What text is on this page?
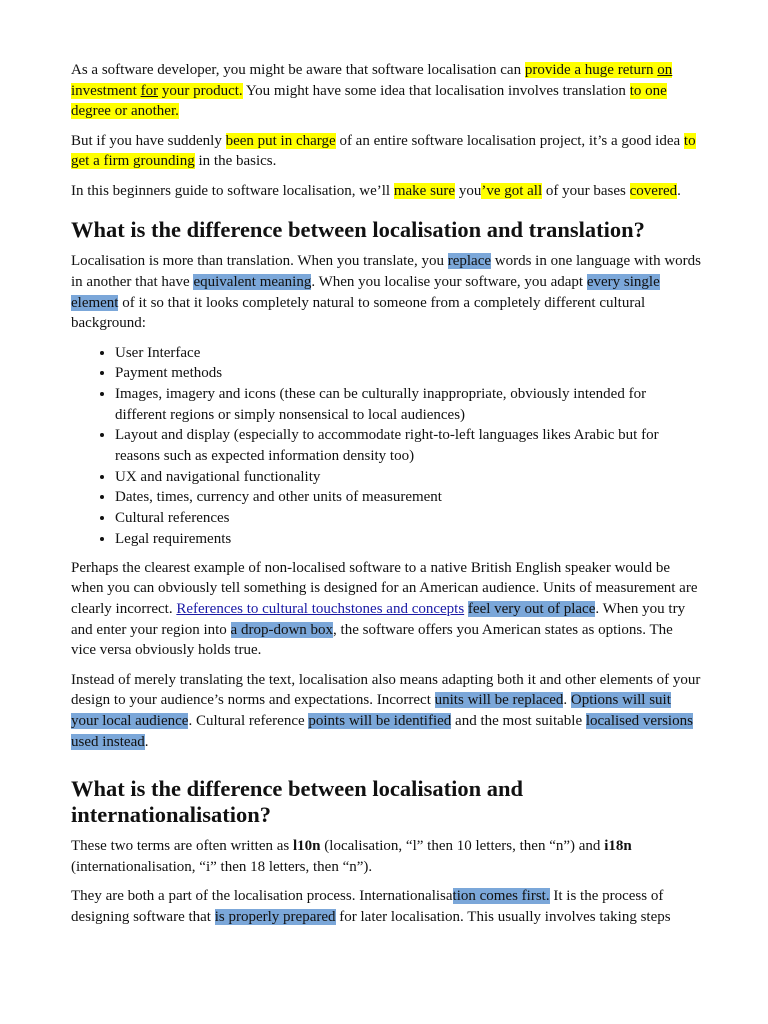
As a software developer, you might be aware that software localisation can provide a huge return on investment for your product. You might have some idea that localisation involves translation to one degree or another.

But if you have suddenly been put in charge of an entire software localisation project, it’s a good idea to get a firm grounding in the basics.

In this beginners guide to software localisation, we’ll make sure you’ve got all of your bases covered.

What is the difference between localisation and translation?

Localisation is more than translation. When you translate, you replace words in one language with words in another that have equivalent meaning. When you localise your software, you adapt every single element of it so that it looks completely natural to someone from a completely different cultural background:

• User Interface
• Payment methods
• Images, imagery and icons (these can be culturally inappropriate, obviously intended for different regions or simply nonsensical to local audiences)
• Layout and display (especially to accommodate right-to-left languages likes Arabic but for reasons such as expected information density too)
• UX and navigational functionality
• Dates, times, currency and other units of measurement
• Cultural references
• Legal requirements

Perhaps the clearest example of non-localised software to a native British English speaker would be when you can obviously tell something is designed for an American audience. Units of measurement are clearly incorrect. References to cultural touchstones and concepts feel very out of place. When you try and enter your region into a drop-down box, the software offers you American states as options. The vice versa obviously holds true.

Instead of merely translating the text, localisation also means adapting both it and other elements of your design to your audience’s norms and expectations. Incorrect units will be replaced. Options will suit your local audience. Cultural reference points will be identified and the most suitable localised versions used instead.

What is the difference between localisation and internationalisation?

These two terms are often written as l10n (localisation, “l” then 10 letters, then “n”) and i18n (internationalisation, “i” then 18 letters, then “n”).

They are both a part of the localisation process. Internationalisation comes first. It is the process of designing software that is properly prepared for later localisation. This usually involves taking steps
